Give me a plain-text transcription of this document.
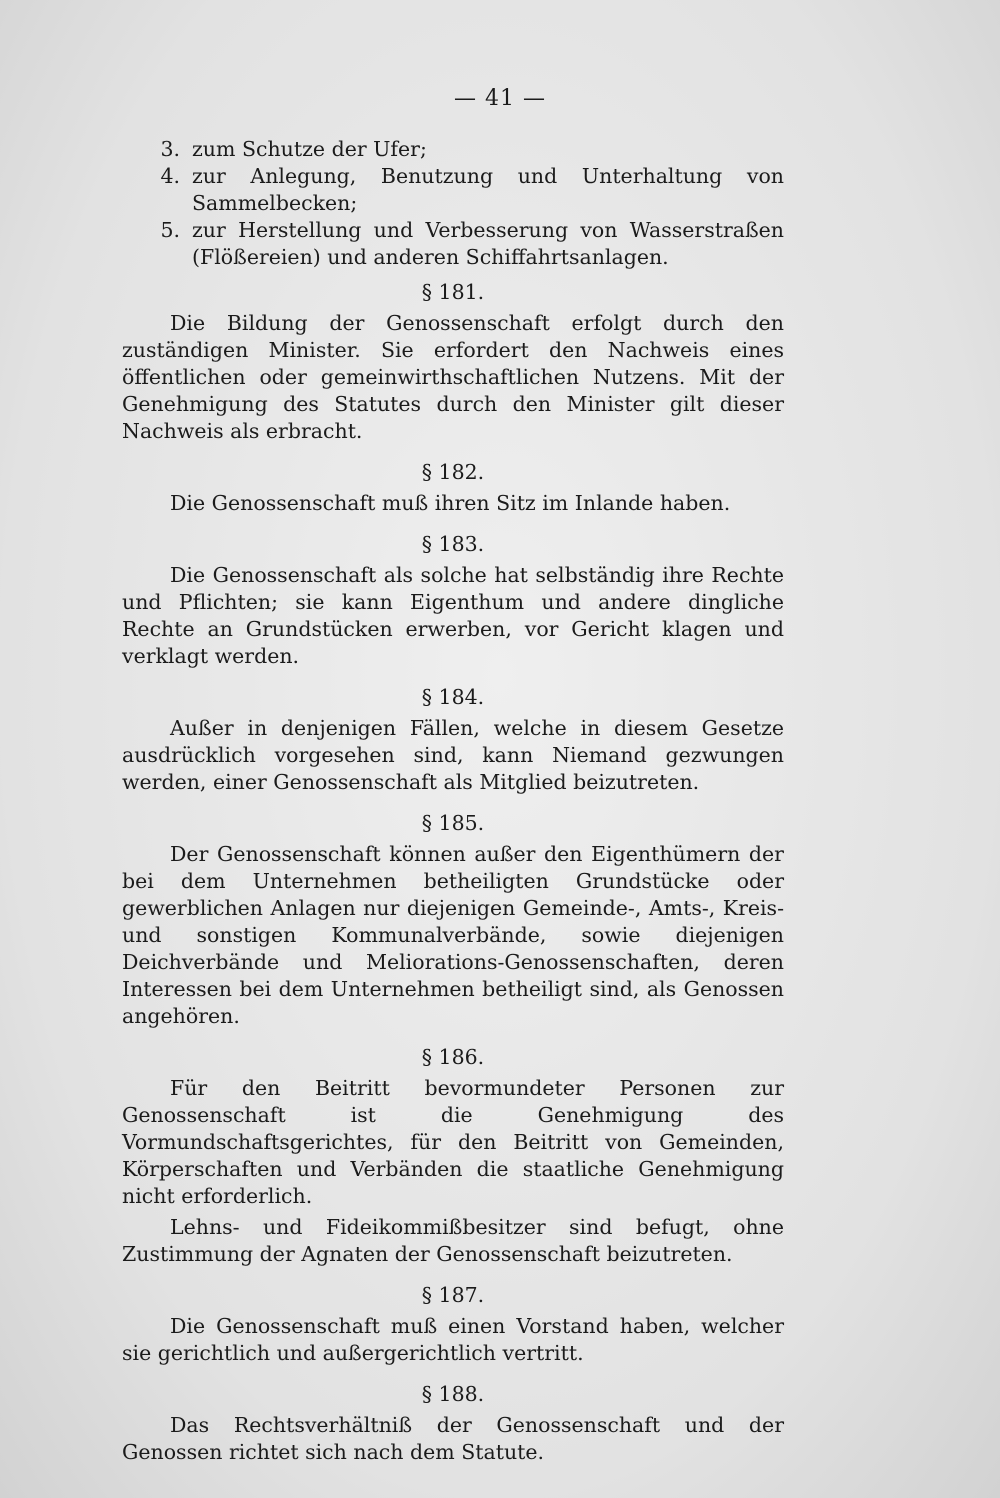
— 41 —
3. zum Schutze der Ufer;
4. zur Anlegung, Benutzung und Unterhaltung von Sammelbecken;
5. zur Herstellung und Verbesserung von Wasserstraßen (Flößereien) und anderen Schiffahrtsanlagen.
§ 181.

Die Bildung der Genossenschaft erfolgt durch den zuständigen Minister. Sie erfordert den Nachweis eines öffentlichen oder gemeinwirthschaftlichen Nutzens. Mit der Genehmigung des Statutes durch den Minister gilt dieser Nachweis als erbracht.

§ 182.

Die Genossenschaft muß ihren Sitz im Inlande haben.

§ 183.

Die Genossenschaft als solche hat selbständig ihre Rechte und Pflichten; sie kann Eigenthum und andere dingliche Rechte an Grundstücken erwerben, vor Gericht klagen und verklagt werden.

§ 184.

Außer in denjenigen Fällen, welche in diesem Gesetze ausdrücklich vorgesehen sind, kann Niemand gezwungen werden, einer Genossenschaft als Mitglied beizutreten.

§ 185.

Der Genossenschaft können außer den Eigenthümern der bei dem Unternehmen betheiligten Grundstücke oder gewerblichen Anlagen nur diejenigen Gemeinde-, Amts-, Kreis- und sonstigen Kommunalverbände, sowie diejenigen Deichverbände und Meliorations-Genossenschaften, deren Interessen bei dem Unternehmen betheiligt sind, als Genossen angehören.

§ 186.

Für den Beitritt bevormundeter Personen zur Genossenschaft ist die Genehmigung des Vormundschaftsgerichtes, für den Beitritt von Gemeinden, Körperschaften und Verbänden die staatliche Genehmigung nicht erforderlich.

Lehns- und Fideikommißbesitzer sind befugt, ohne Zustimmung der Agnaten der Genossenschaft beizutreten.

§ 187.

Die Genossenschaft muß einen Vorstand haben, welcher sie gerichtlich und außergerichtlich vertritt.

§ 188.

Das Rechtsverhältniß der Genossenschaft und der Genossen richtet sich nach dem Statute.
